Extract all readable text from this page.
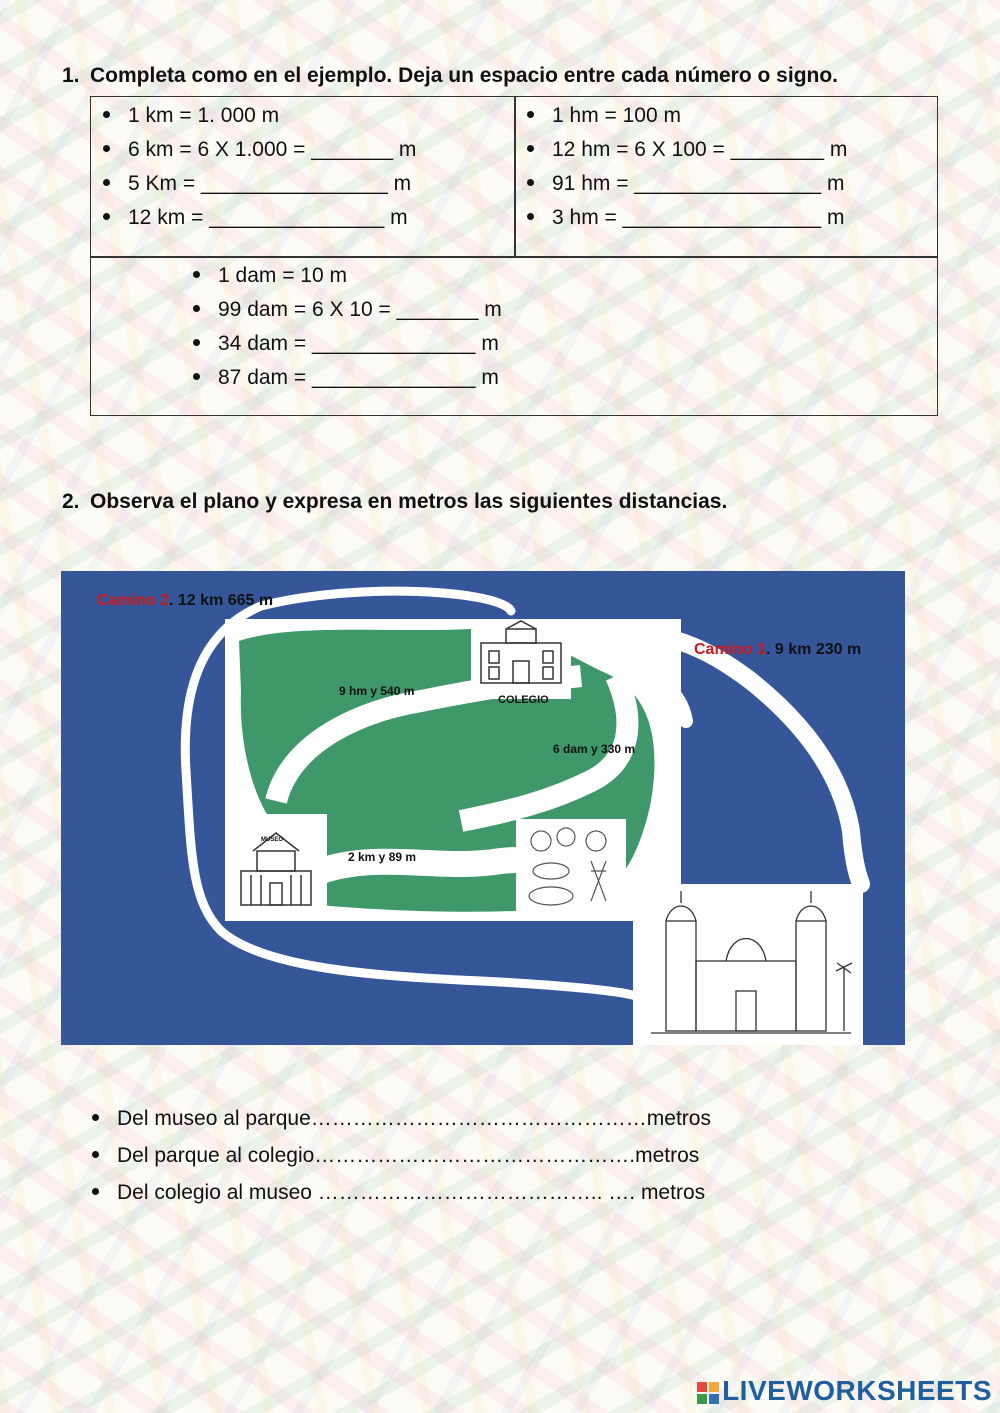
1. Completa como en el ejemplo. Deja un espacio entre cada número o signo.
1 km = 1. 000 m
6 km = 6 X 1.000 = _______ m
5 Km = ________________ m
12 km = _______________ m
1 hm = 100 m
12 hm = 6 X 100 = ________ m
91 hm = ________________ m
3 hm = _________________ m
1 dam = 10 m
99 dam = 6 X 10 = _______ m
34 dam = ______________ m
87 dam = ______________ m
2. Observa el plano y expresa en metros las siguientes distancias.
Camino 2. 12 km 665 m
Camino 1. 9 km 230 m
9 hm y 540 m
6 dam y 330 m
2 km y 89 m
COLEGIO
MUSEO
Del museo al parque…………………………………………metros
Del parque al colegio……………………………………….metros
Del colegio al museo ………………………………….. …. metros
LIVEWORKSHEETS
